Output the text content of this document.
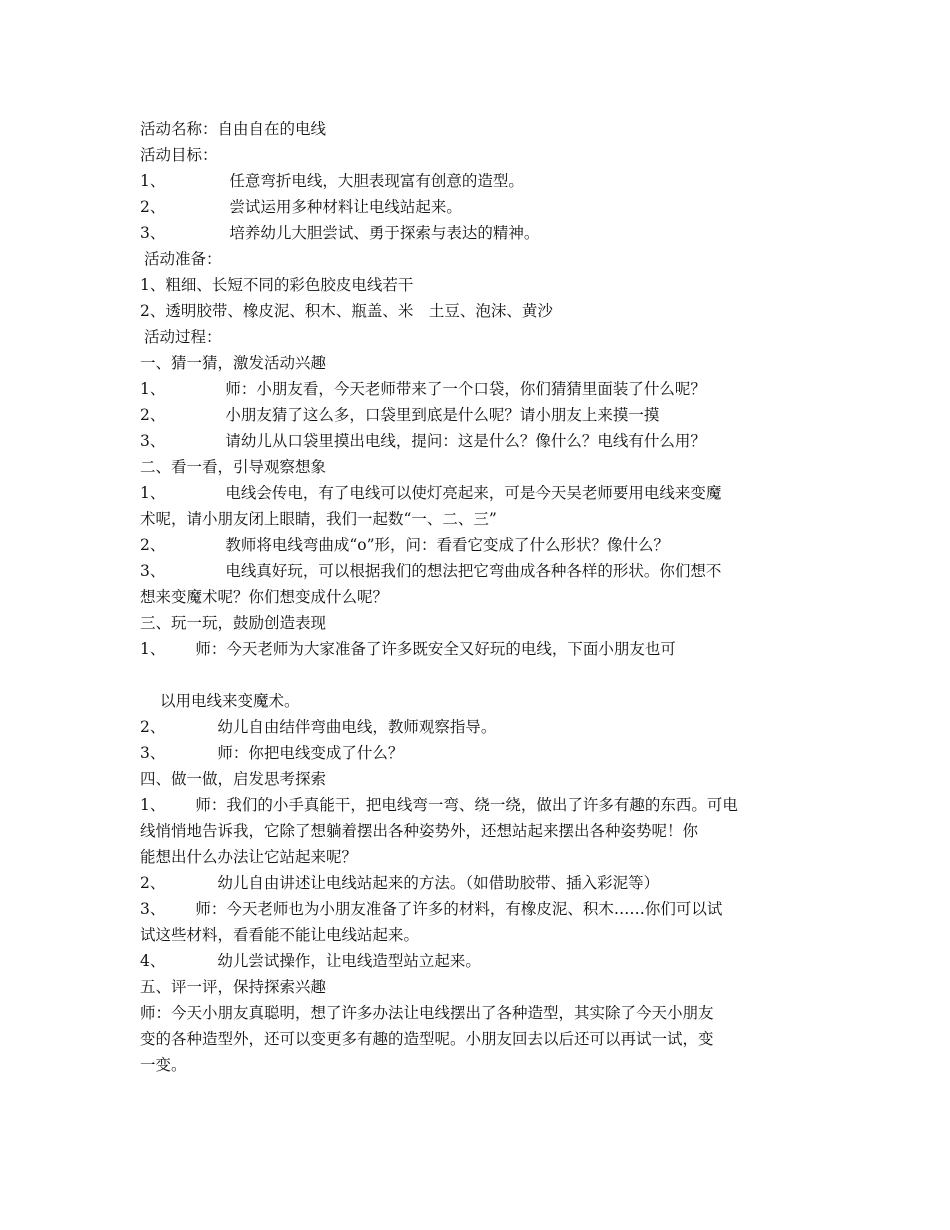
活动名称：自由自在的电线
活动目标：
1、	任意弯折电线，大胆表现富有创意的造型。
2、	尝试运用多种材料让电线站起来。
3、	培养幼儿大胆尝试、勇于探索与表达的精神。
活动准备：
1、粗细、长短不同的彩色胶皮电线若干
2、透明胶带、橡皮泥、积木、瓶盖、米　土豆、泡沫、黄沙
活动过程：
一、猜一猜，激发活动兴趣
1、	师：小朋友看，今天老师带来了一个口袋，你们猜猜里面装了什么呢？
2、	小朋友猜了这么多，口袋里到底是什么呢？请小朋友上来摸一摸
3、	请幼儿从口袋里摸出电线，提问：这是什么？像什么？电线有什么用？
二、看一看，引导观察想象
1、	电线会传电，有了电线可以使灯亮起来，可是今天吴老师要用电线来变魔
术呢，请小朋友闭上眼睛，我们一起数“一、二、三”
2、	教师将电线弯曲成“o”形，问：看看它变成了什么形状？像什么？
3、	电线真好玩，可以根据我们的想法把它弯曲成各种各样的形状。你们想不
想来变魔术呢？你们想变成什么呢？
三、玩一玩，鼓励创造表现
1、 师：今天老师为大家准备了许多既安全又好玩的电线，下面小朋友也可
以用电线来变魔术。
2、	幼儿自由结伴弯曲电线，教师观察指导。
3、	师：你把电线变成了什么？
四、做一做，启发思考探索
1、 师：我们的小手真能干，把电线弯一弯、绕一绕，做出了许多有趣的东西。可电
线悄悄地告诉我，它除了想躺着摆出各种姿势外，还想站起来摆出各种姿势呢！你
能想出什么办法让它站起来呢？
2、	幼儿自由讲述让电线站起来的方法。（如借助胶带、插入彩泥等）
3、 师：今天老师也为小朋友准备了许多的材料，有橡皮泥、积木……你们可以试
试这些材料，看看能不能让电线站起来。
4、	幼儿尝试操作，让电线造型站立起来。
五、评一评，保持探索兴趣
师：今天小朋友真聪明，想了许多办法让电线摆出了各种造型，其实除了今天小朋友
变的各种造型外，还可以变更多有趣的造型呢。小朋友回去以后还可以再试一试，变
一变。
